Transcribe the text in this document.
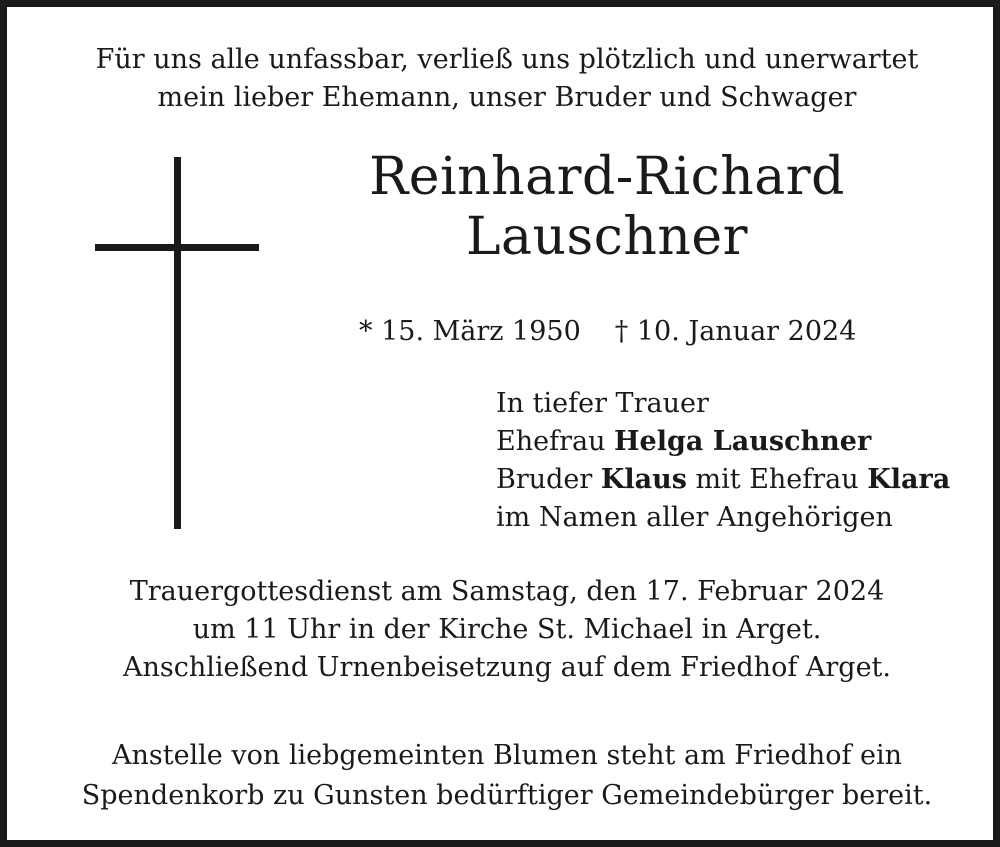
Für uns alle unfassbar, verließ uns plötzlich und unerwartet
mein lieber Ehemann, unser Bruder und Schwager
Reinhard-Richard
Lauschner
* 15. März 1950 † 10. Januar 2024
In tiefer Trauer
Ehefrau Helga Lauschner
Bruder Klaus mit Ehefrau Klara
im Namen aller Angehörigen
Trauergottesdienst am Samstag, den 17. Februar 2024
um 11 Uhr in der Kirche St. Michael in Arget.
Anschließend Urnenbeisetzung auf dem Friedhof Arget.
Anstelle von liebgemeinten Blumen steht am Friedhof ein
Spendenkorb zu Gunsten bedürftiger Gemeindebürger bereit.
